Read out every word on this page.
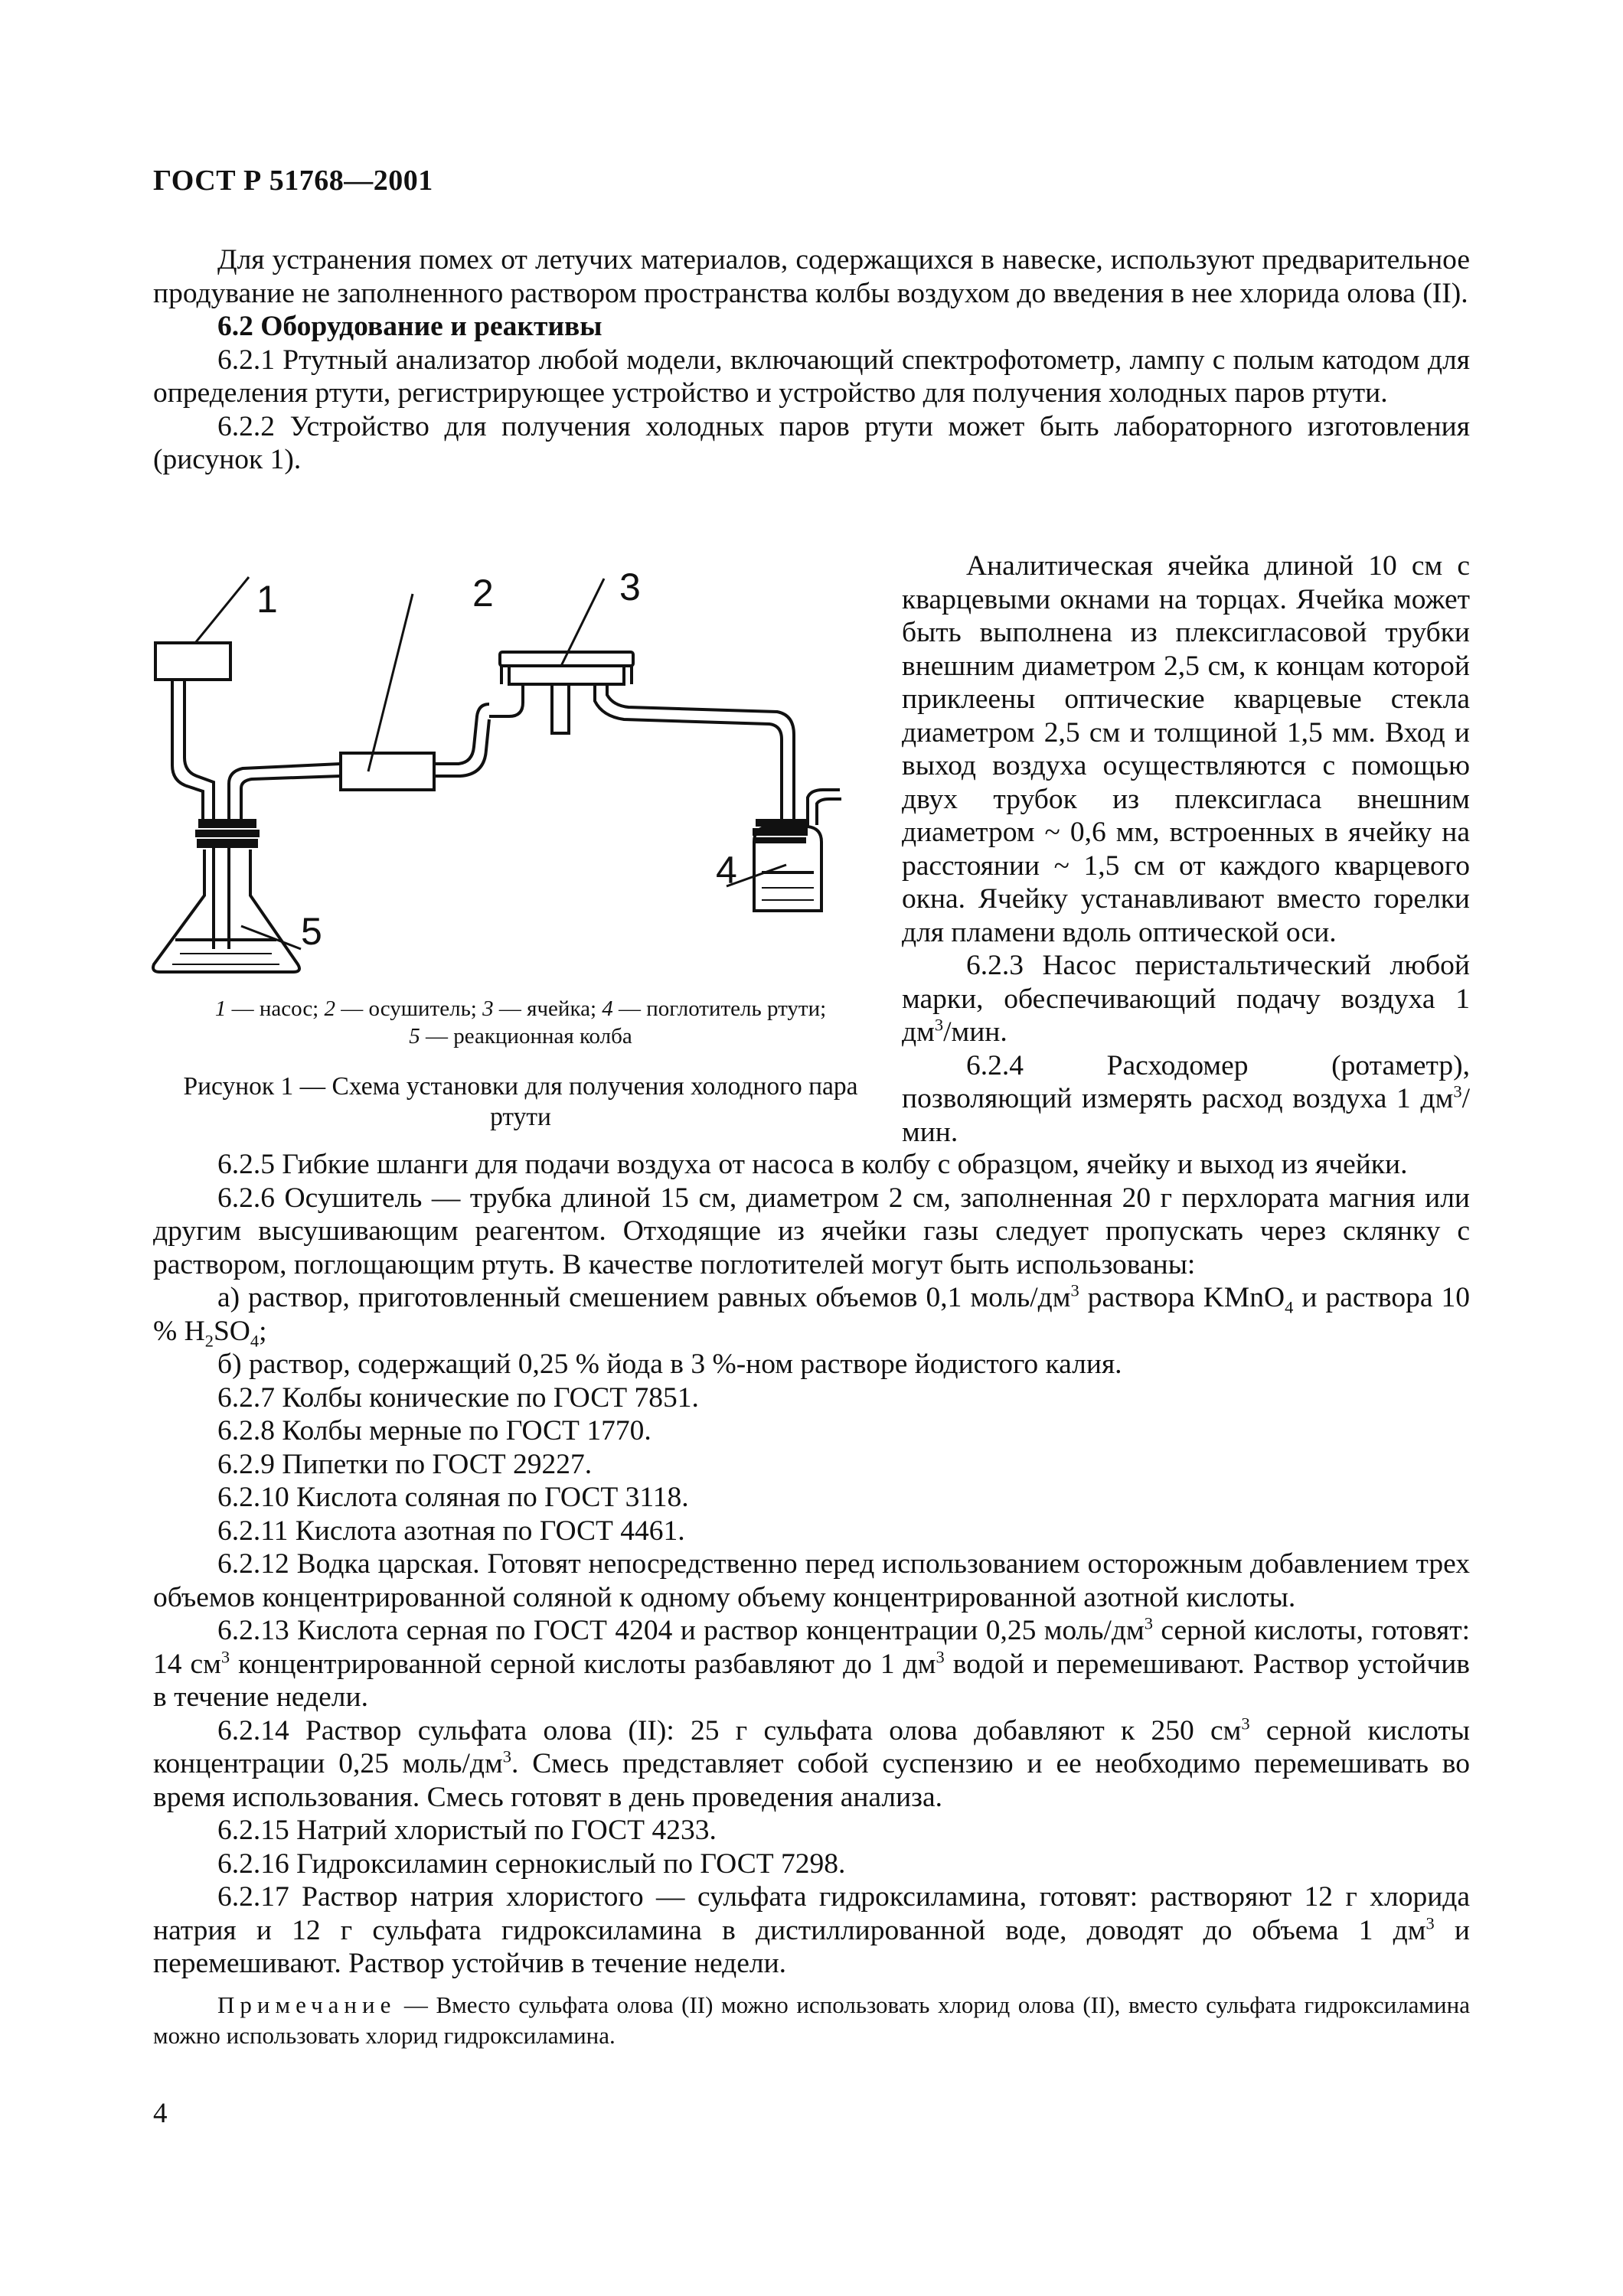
ГОСТ Р 51768—2001

Для устранения помех от летучих материалов, содержащихся в навеске, используют предварительное продувание не заполненного раствором пространства колбы воздухом до введения в нее хлорида олова (II).

6.2 Оборудование и реактивы

6.2.1 Ртутный анализатор любой модели, включающий спектрофотометр, лампу с полым катодом для определения ртути, регистрирующее устройство и устройство для получения холодных паров ртути.

6.2.2 Устройство для получения холодных паров ртути может быть лабораторного изготовления (рисунок 1).

1	2	3
4
5
1 — насос; 2 — осушитель; 3 — ячейка; 4 — поглотитель ртути;
5 — реакционная колба
Рисунок 1 — Схема установки для получения холодного пара ртути

Аналитическая ячейка длиной 10 см с кварцевыми окнами на торцах. Ячейка может быть выполнена из плексигласовой трубки внешним диаметром 2,5 см, к концам которой приклеены оптические кварцевые стекла диаметром 2,5 см и толщиной 1,5 мм. Вход и выход воздуха осуществляются с помощью двух трубок из плексигласа внешним диаметром ~ 0,6 мм, встроенных в ячейку на расстоянии ~ 1,5 см от каждого кварцевого окна. Ячейку устанавливают вместо горелки для пламени вдоль оптической оси.

6.2.3 Насос перистальтический любой марки, обеспечивающий подачу воздуха 1 $дм^3$/мин.

6.2.4 Расходомер (ротаметр), позволяющий измерять расход воздуха 1 $дм^3$/мин.

6.2.5 Гибкие шланги для подачи воздуха от насоса в колбу с образцом, ячейку и выход из ячейки.

6.2.6 Осушитель — трубка длиной 15 см, диаметром 2 см, заполненная 20 г перхлората магния или другим высушивающим реагентом. Отходящие из ячейки газы следует пропускать через склянку с раствором, поглощающим ртуть. В качестве поглотителей могут быть использованы:

а) раствор, приготовленный смешением равных объемов 0,1 моль/$дм^3$ раствора KMnO$_4$ и раствора 10 % $H_2SO_4$;

б) раствор, содержащий 0,25 % йода в 3 %-ном растворе йодистого калия.

6.2.7 Колбы конические по ГОСТ 7851.

6.2.8 Колбы мерные по ГОСТ 1770.

6.2.9 Пипетки по ГОСТ 29227.

6.2.10 Кислота соляная по ГОСТ 3118.

6.2.11 Кислота азотная по ГОСТ 4461.

6.2.12 Водка царская. Готовят непосредственно перед использованием осторожным добавлением трех объемов концентрированной соляной к одному объему концентрированной азотной кислоты.

6.2.13 Кислота серная по ГОСТ 4204 и раствор концентрации 0,25 моль/$дм^3$ серной кислоты, готовят: 14 $см^3$ концентрированной серной кислоты разбавляют до 1 $дм^3$ водой и перемешивают. Раствор устойчив в течение недели.

6.2.14 Раствор сульфата олова (II): 25 г сульфата олова добавляют к 250 $см^3$ серной кислоты концентрации 0,25 моль/$дм^3$. Смесь представляет собой суспензию и ее необходимо перемешивать во время использования. Смесь готовят в день проведения анализа.

6.2.15 Натрий хлористый по ГОСТ 4233.

6.2.16 Гидроксиламин сернокислый по ГОСТ 7298.

6.2.17 Раствор натрия хлористого — сульфата гидроксиламина, готовят: растворяют 12 г хлорида натрия и 12 г сульфата гидроксиламина в дистиллированной воде, доводят до объема 1 $дм^3$ и перемешивают. Раствор устойчив в течение недели.

Примечание — Вместо сульфата олова (II) можно использовать хлорид олова (II), вместо сульфата гидроксиламина можно использовать хлорид гидроксиламина.

4
